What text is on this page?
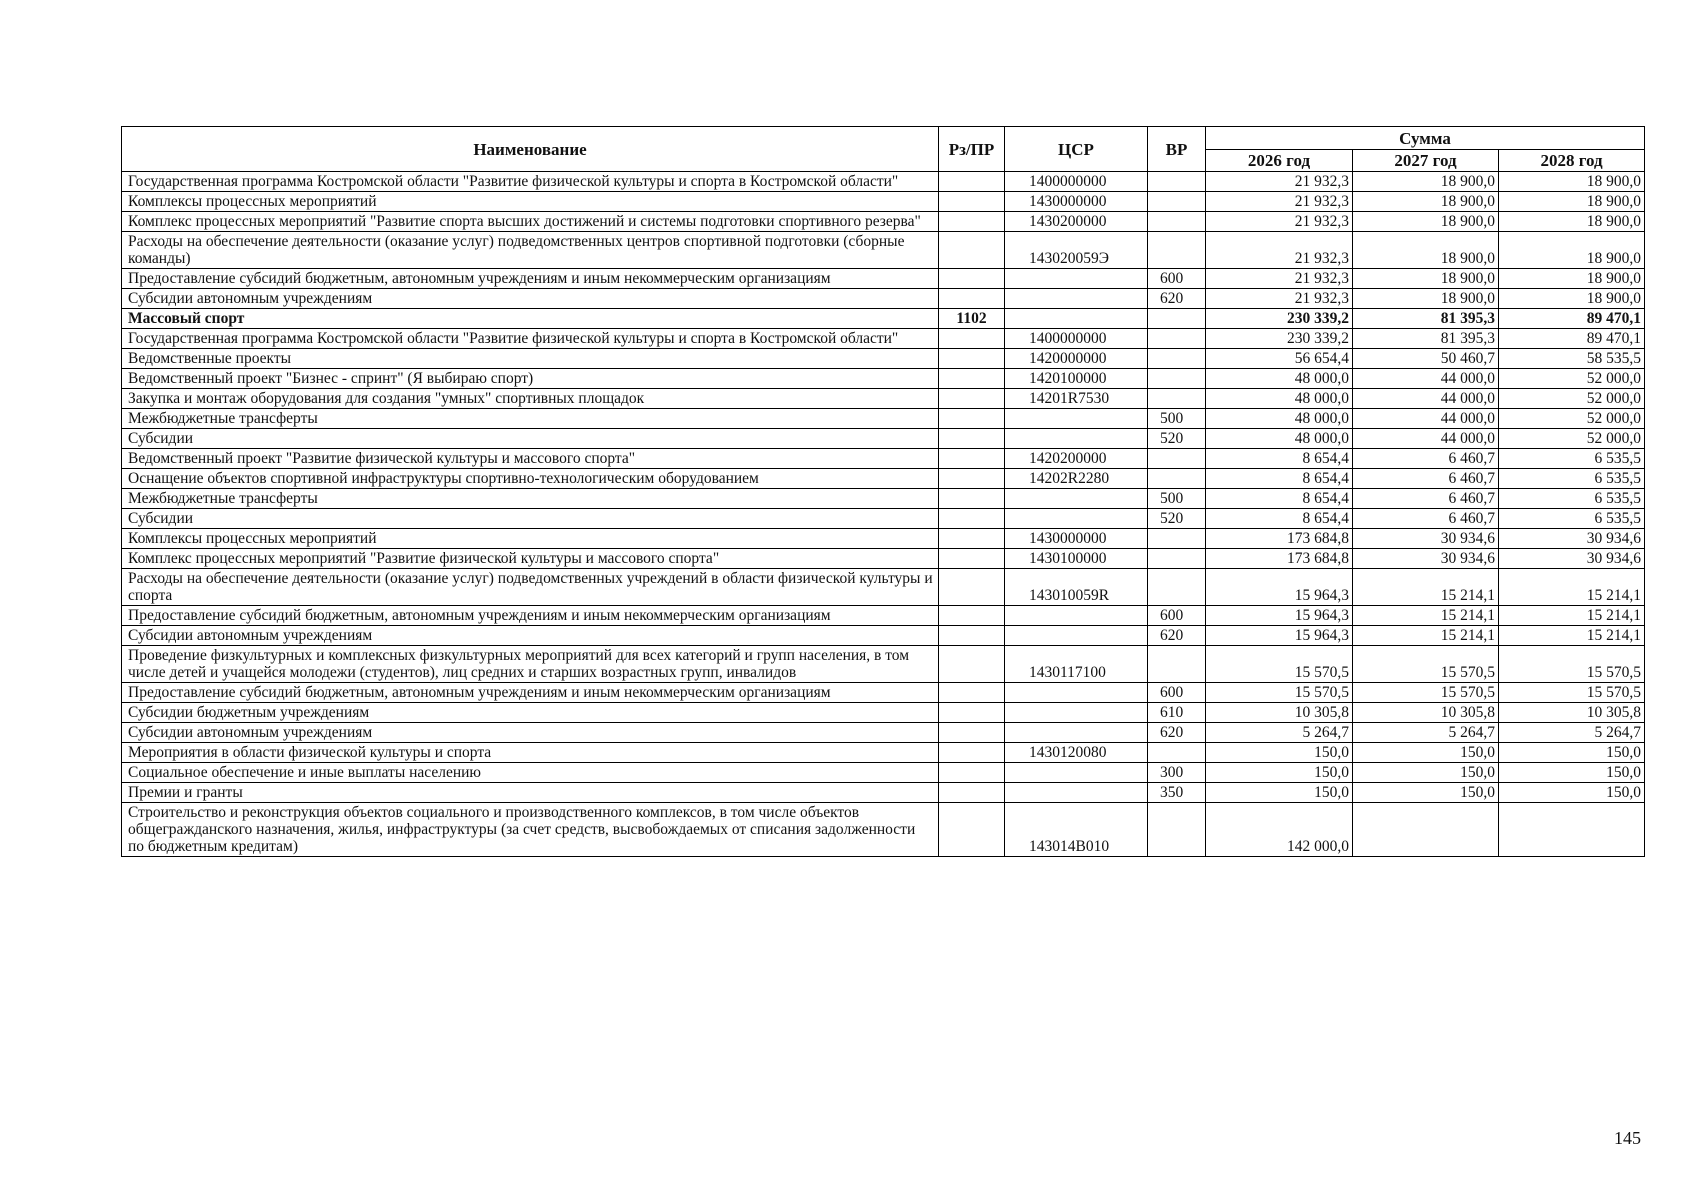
Наименование	Рз/ПР	ЦСР	ВР	Сумма		
				2026 год	2027 год	2028 год
Государственная программа Костромской области "Развитие физической культуры и спорта в Костромской области"		1400000000		21 932,3	18 900,0	18 900,0
Комплексы процессных мероприятий		1430000000		21 932,3	18 900,0	18 900,0
Комплекс процессных мероприятий "Развитие спорта высших достижений и системы подготовки спортивного резерва"		1430200000		21 932,3	18 900,0	18 900,0
Расходы на обеспечение деятельности (оказание услуг) подведомственных центров спортивной подготовки (сборные команды)		143020059Э		21 932,3	18 900,0	18 900,0
Предоставление субсидий бюджетным, автономным учреждениям и иным некоммерческим организациям			600	21 932,3	18 900,0	18 900,0
Субсидии автономным учреждениям			620	21 932,3	18 900,0	18 900,0
Массовый спорт	1102			230 339,2	81 395,3	89 470,1
Государственная программа Костромской области "Развитие физической культуры и спорта в Костромской области"		1400000000		230 339,2	81 395,3	89 470,1
Ведомственные проекты		1420000000		56 654,4	50 460,7	58 535,5
Ведомственный проект "Бизнес - спринт" (Я выбираю спорт)		1420100000		48 000,0	44 000,0	52 000,0
Закупка и монтаж оборудования для создания "умных" спортивных площадок		14201R7530		48 000,0	44 000,0	52 000,0
Межбюджетные трансферты			500	48 000,0	44 000,0	52 000,0
Субсидии			520	48 000,0	44 000,0	52 000,0
Ведомственный проект "Развитие физической культуры и массового спорта"		1420200000		8 654,4	6 460,7	6 535,5
Оснащение объектов спортивной инфраструктуры спортивно-технологическим оборудованием		14202R2280		8 654,4	6 460,7	6 535,5
Межбюджетные трансферты			500	8 654,4	6 460,7	6 535,5
Субсидии			520	8 654,4	6 460,7	6 535,5
Комплексы процессных мероприятий		1430000000		173 684,8	30 934,6	30 934,6
Комплекс процессных мероприятий "Развитие физической культуры и массового спорта"		1430100000		173 684,8	30 934,6	30 934,6
Расходы на обеспечение деятельности (оказание услуг) подведомственных учреждений в области физической культуры и спорта		143010059R		15 964,3	15 214,1	15 214,1
Предоставление субсидий бюджетным, автономным учреждениям и иным некоммерческим организациям			600	15 964,3	15 214,1	15 214,1
Субсидии автономным учреждениям			620	15 964,3	15 214,1	15 214,1
Проведение физкультурных и комплексных физкультурных мероприятий для всех категорий и групп населения, в том числе детей и учащейся молодежи (студентов), лиц средних и старших возрастных групп, инвалидов		1430117100		15 570,5	15 570,5	15 570,5
Предоставление субсидий бюджетным, автономным учреждениям и иным некоммерческим организациям			600	15 570,5	15 570,5	15 570,5
Субсидии бюджетным учреждениям			610	10 305,8	10 305,8	10 305,8
Субсидии автономным учреждениям			620	5 264,7	5 264,7	5 264,7
Мероприятия в области физической культуры и спорта		1430120080		150,0	150,0	150,0
Социальное обеспечение и иные выплаты населению			300	150,0	150,0	150,0
Премии и гранты			350	150,0	150,0	150,0
Строительство и реконструкция объектов социального и производственного комплексов, в том числе объектов общегражданского назначения, жилья, инфраструктуры (за счет средств, высвобождаемых от списания задолженности по бюджетным кредитам)		143014В010		142 000,0		
145
